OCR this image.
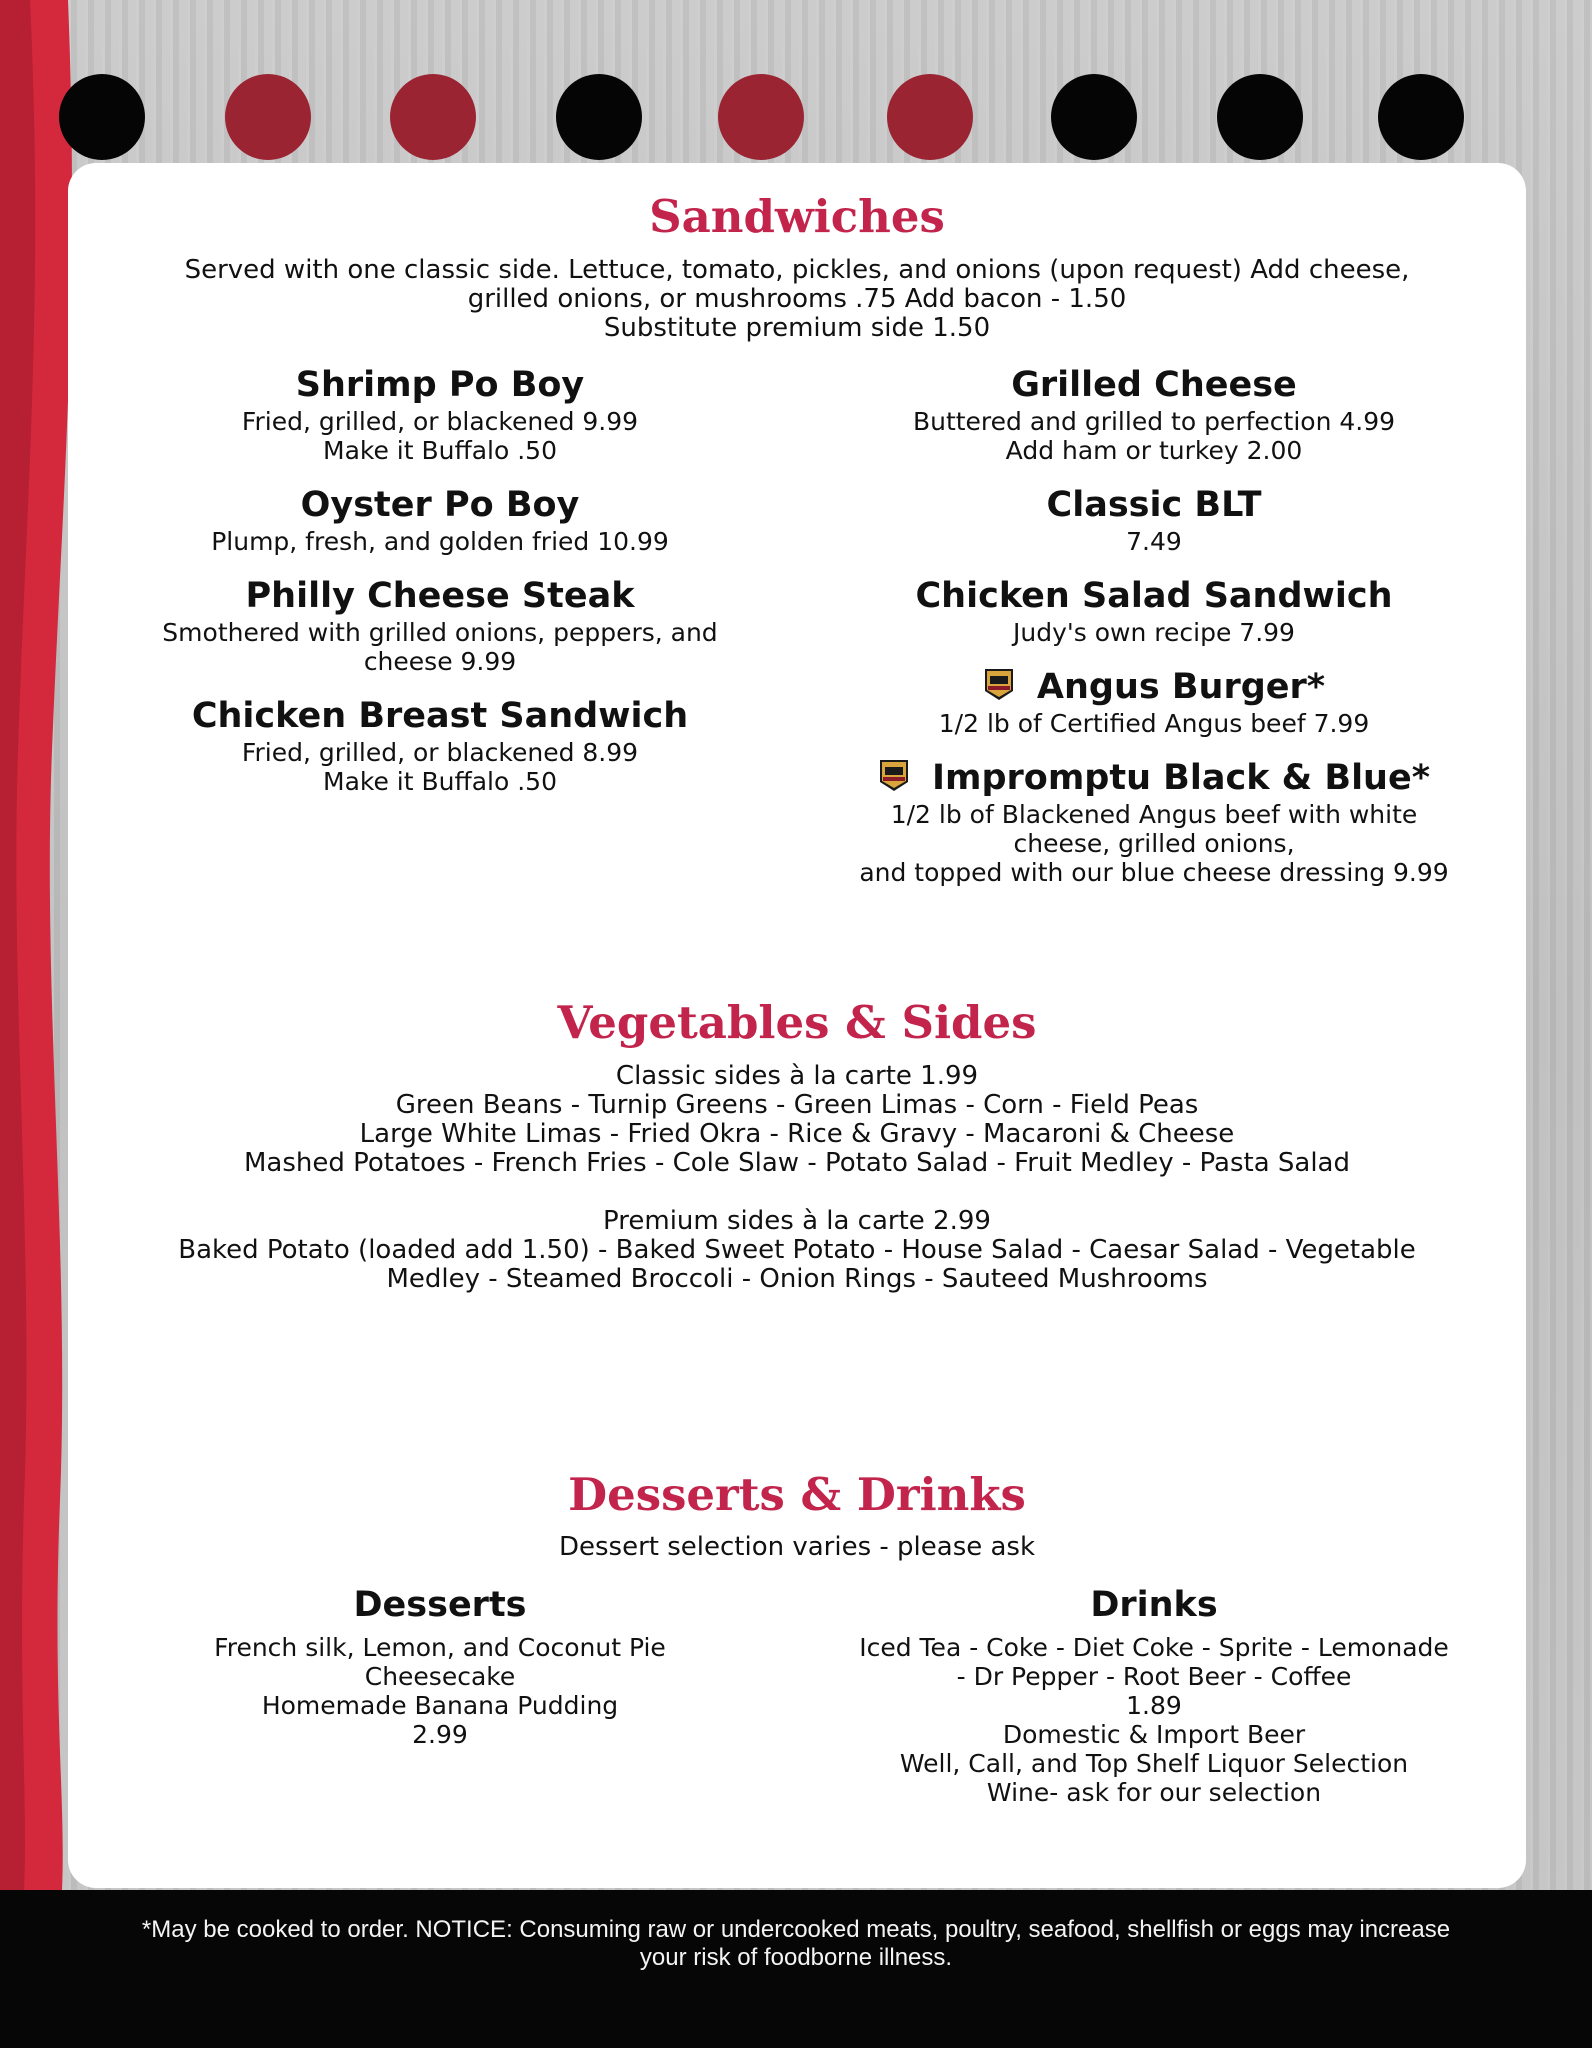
Sandwiches
Served with one classic side. Lettuce, tomato, pickles, and onions (upon request) Add cheese,
grilled onions, or mushrooms .75 Add bacon - 1.50
Substitute premium side 1.50
Shrimp Po Boy
Fried, grilled, or blackened 9.99
Make it Buffalo .50
Oyster Po Boy
Plump, fresh, and golden fried 10.99
Philly Cheese Steak
Smothered with grilled onions, peppers, and
cheese 9.99
Chicken Breast Sandwich
Fried, grilled, or blackened 8.99
Make it Buffalo .50
Grilled Cheese
Buttered and grilled to perfection 4.99
Add ham or turkey 2.00
Classic BLT
7.49
Chicken Salad Sandwich
Judy's own recipe 7.99
Angus Burger*
1/2 lb of Certified Angus beef 7.99
Impromptu Black & Blue*
1/2 lb of Blackened Angus beef with white
cheese, grilled onions,
and topped with our blue cheese dressing 9.99
Vegetables & Sides
Classic sides à la carte 1.99
Green Beans - Turnip Greens - Green Limas - Corn - Field Peas
Large White Limas - Fried Okra - Rice & Gravy - Macaroni & Cheese
Mashed Potatoes - French Fries - Cole Slaw - Potato Salad - Fruit Medley - Pasta Salad
Premium sides à la carte 2.99
Baked Potato (loaded add 1.50) - Baked Sweet Potato - House Salad - Caesar Salad - Vegetable
Medley - Steamed Broccoli - Onion Rings - Sauteed Mushrooms
Desserts & Drinks
Dessert selection varies - please ask
Desserts
French silk, Lemon, and Coconut Pie
Cheesecake
Homemade Banana Pudding
2.99
Drinks
Iced Tea - Coke - Diet Coke - Sprite - Lemonade
- Dr Pepper - Root Beer - Coffee
1.89
Domestic & Import Beer
Well, Call, and Top Shelf Liquor Selection
Wine- ask for our selection
*May be cooked to order. NOTICE: Consuming raw or undercooked meats, poultry, seafood, shellfish or eggs may increase your risk of foodborne illness.
